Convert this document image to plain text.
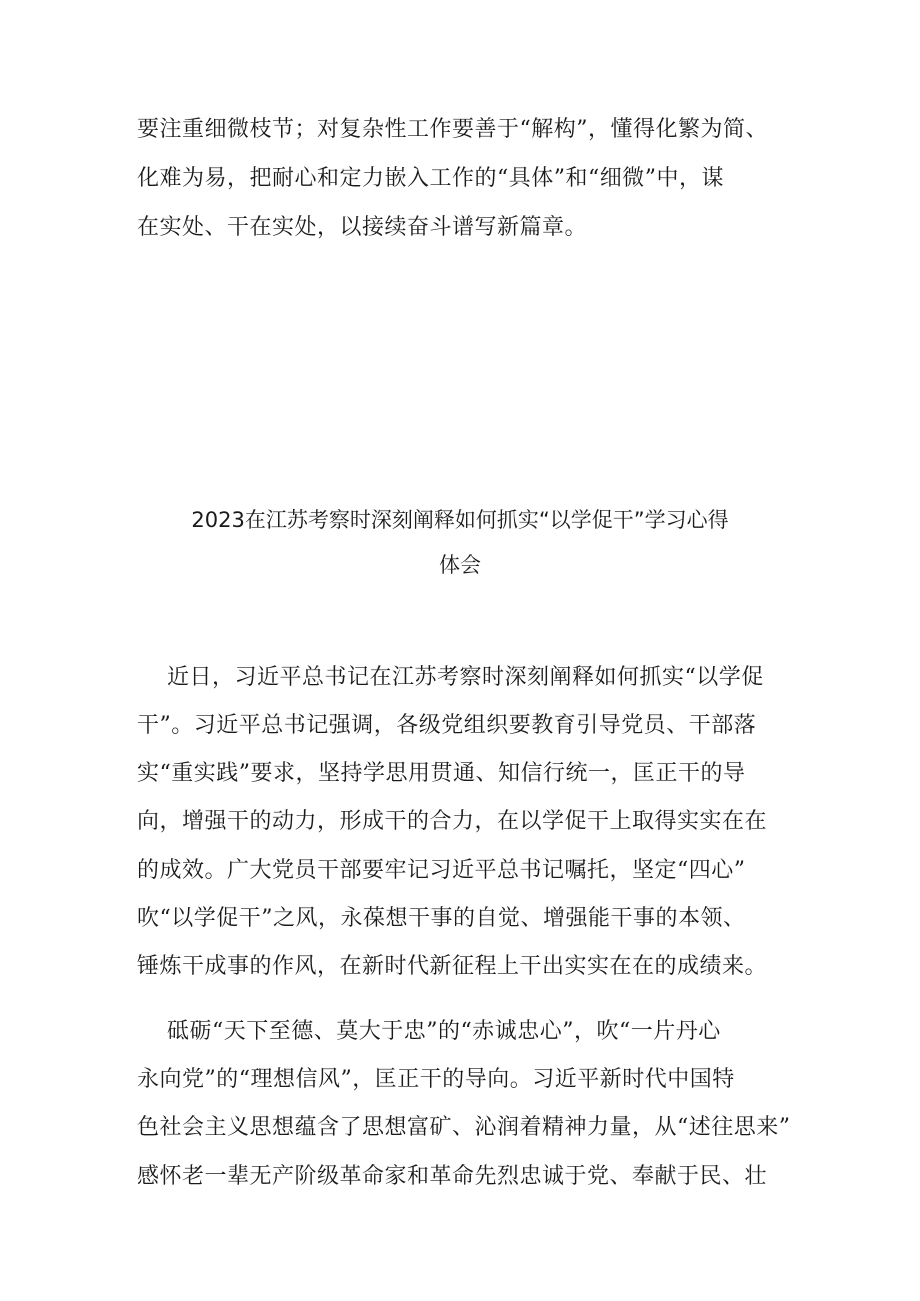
要注重细微枝节；对复杂性工作要善于“解构”，懂得化繁为简、
化难为易，把耐心和定力嵌入工作的“具体”和“细微”中，谋
在实处、干在实处，以接续奋斗谱写新篇章。
2023在江苏考察时深刻阐释如何抓实“以学促干”学习心得
体会
近日，习近平总书记在江苏考察时深刻阐释如何抓实“以学促
干”。习近平总书记强调，各级党组织要教育引导党员、干部落
实“重实践”要求，坚持学思用贯通、知信行统一，匡正干的导
向，增强干的动力，形成干的合力，在以学促干上取得实实在在
的成效。广大党员干部要牢记习近平总书记嘱托，坚定“四心”
吹“以学促干”之风，永葆想干事的自觉、增强能干事的本领、
锤炼干成事的作风，在新时代新征程上干出实实在在的成绩来。
砥砺“天下至德、莫大于忠”的“赤诚忠心”，吹“一片丹心
永向党”的“理想信风”，匡正干的导向。习近平新时代中国特
色社会主义思想蕴含了思想富矿、沁润着精神力量，从“述往思来”
感怀老一辈无产阶级革命家和革命先烈忠诚于党、奉献于民、壮
